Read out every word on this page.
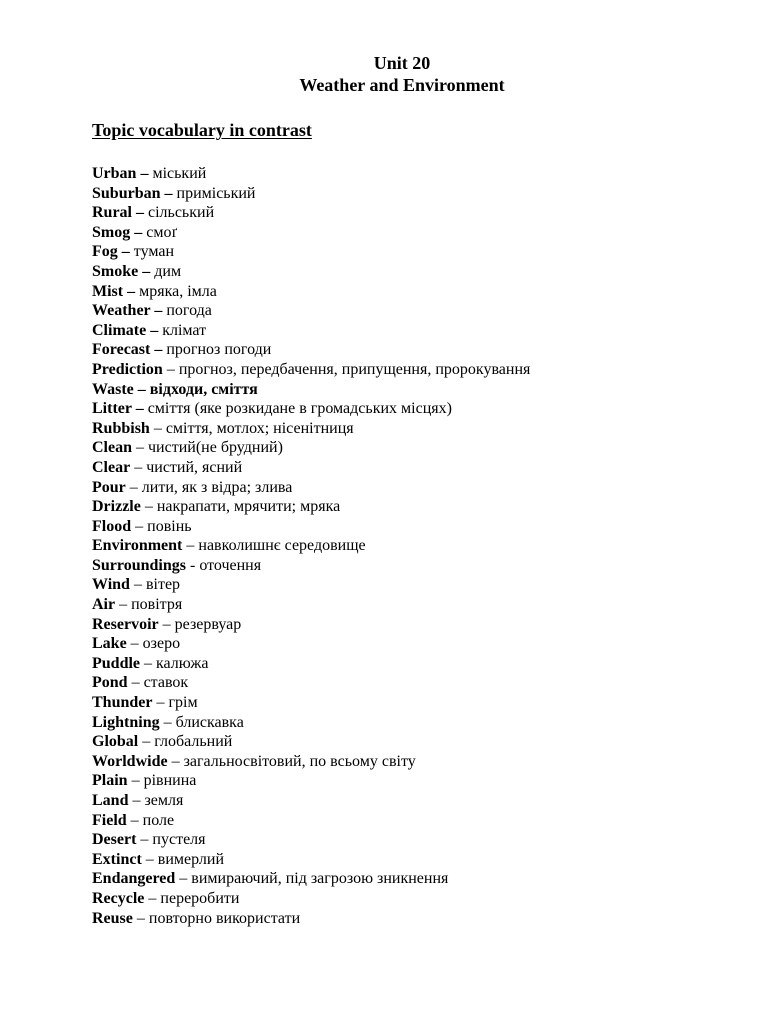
Unit 20
Weather and Environment
Topic vocabulary in contrast
Urban – міський
Suburban – приміський
Rural – сільський
Smog – смоґ
Fog – туман
Smoke – дим
Mist – мряка, імла
Weather – погода
Climate – клімат
Forecast – прогноз погоди
Prediction – прогноз, передбачення, припущення, пророкування
Waste – відходи, сміття
Litter – сміття (яке розкидане в громадських місцях)
Rubbish – сміття, мотлох; нісенітниця
Clean – чистий(не брудний)
Clear – чистий, ясний
Pour – лити, як з відра; злива
Drizzle – накрапати, мрячити; мряка
Flood – повінь
Environment – навколишнє середовище
Surroundings - оточення
Wind – вітер
Air – повітря
Reservoir – резервуар
Lake – озеро
Puddle – калюжа
Pond – ставок
Thunder – грім
Lightning – блискавка
Global – глобальний
Worldwide – загальносвітовий, по всьому світу
Plain – рівнина
Land – земля
Field – поле
Desert – пустеля
Extinct – вимерлий
Endangered – вимираючий, під загрозою зникнення
Recycle – переробити
Reuse – повторно використати
